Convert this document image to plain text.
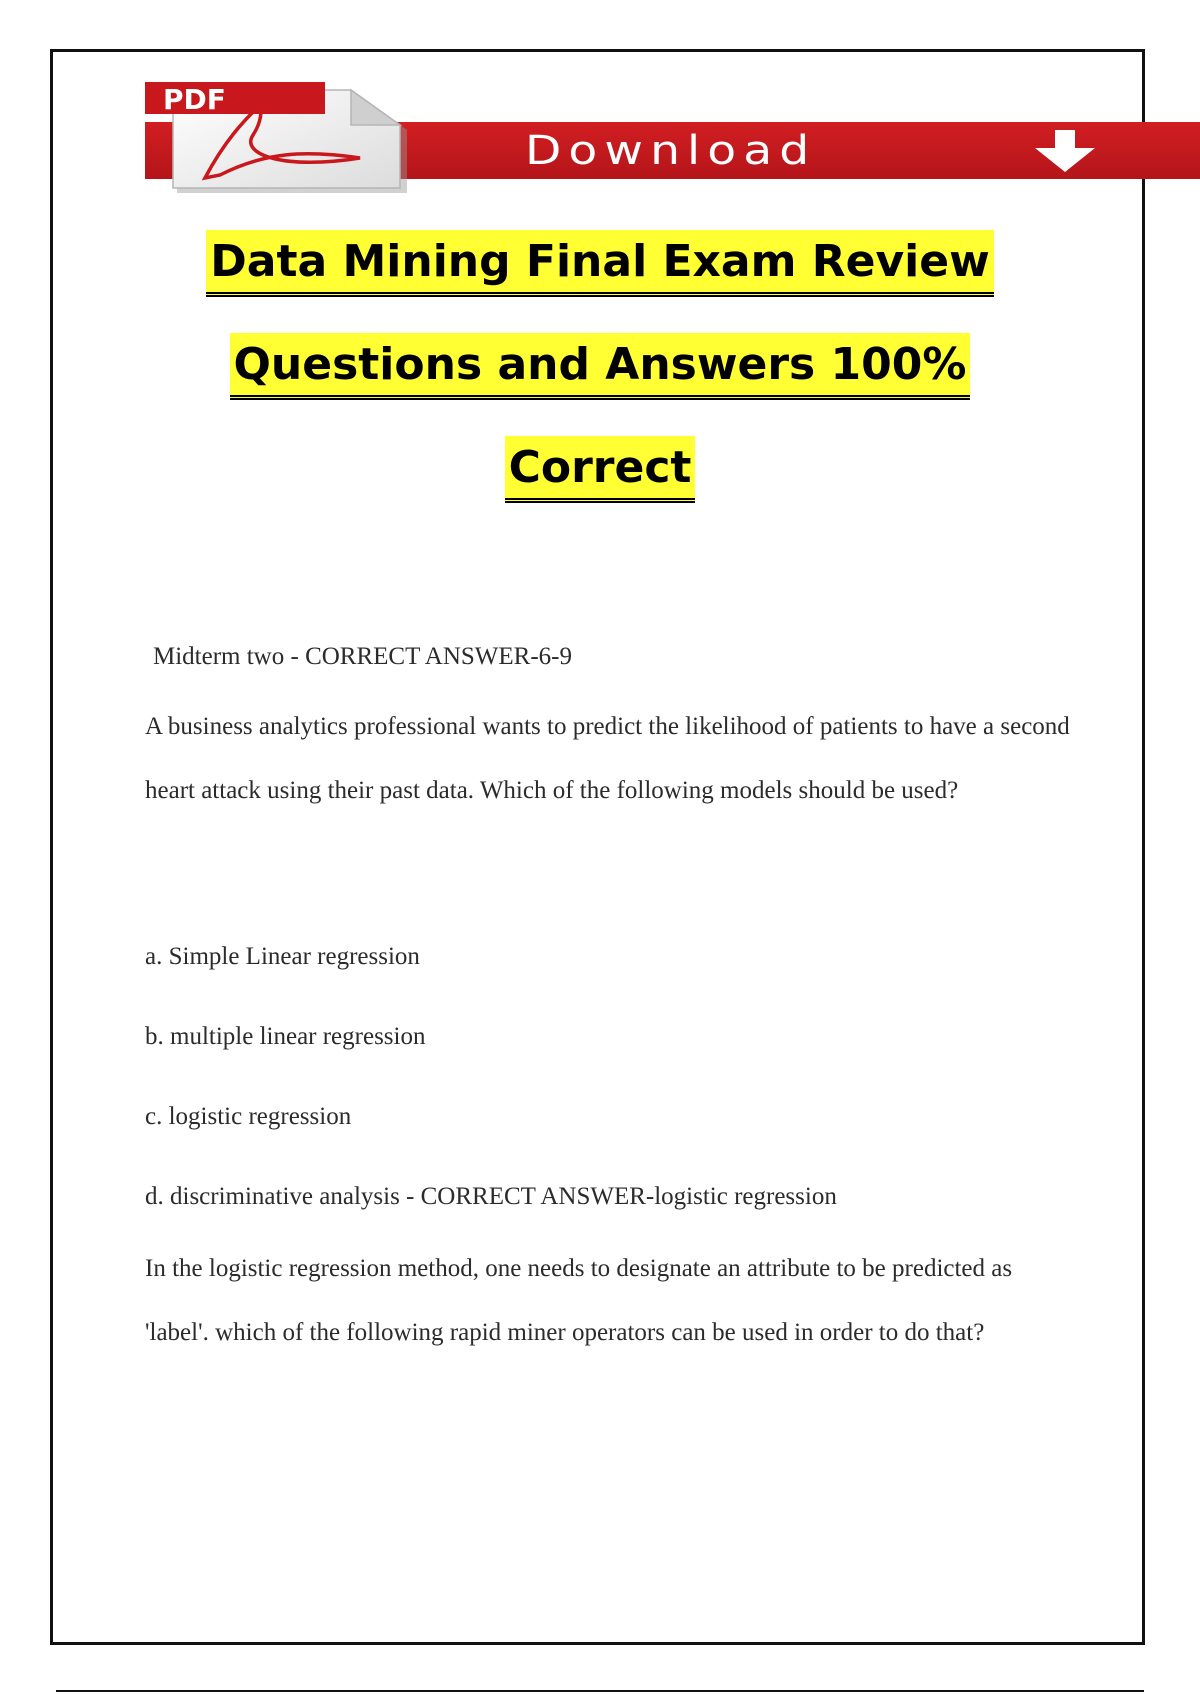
Download
PDF

Data Mining Final Exam Review

Questions and Answers 100%

Correct

Midterm two - CORRECT ANSWER-6-9

A business analytics professional wants to predict the likelihood of patients to have a second heart attack using their past data. Which of the following models should be used?

a. Simple Linear regression

b. multiple linear regression

c. logistic regression

d. discriminative analysis - CORRECT ANSWER-logistic regression

In the logistic regression method, one needs to designate an attribute to be predicted as 'label'. which of the following rapid miner operators can be used in order to do that?
